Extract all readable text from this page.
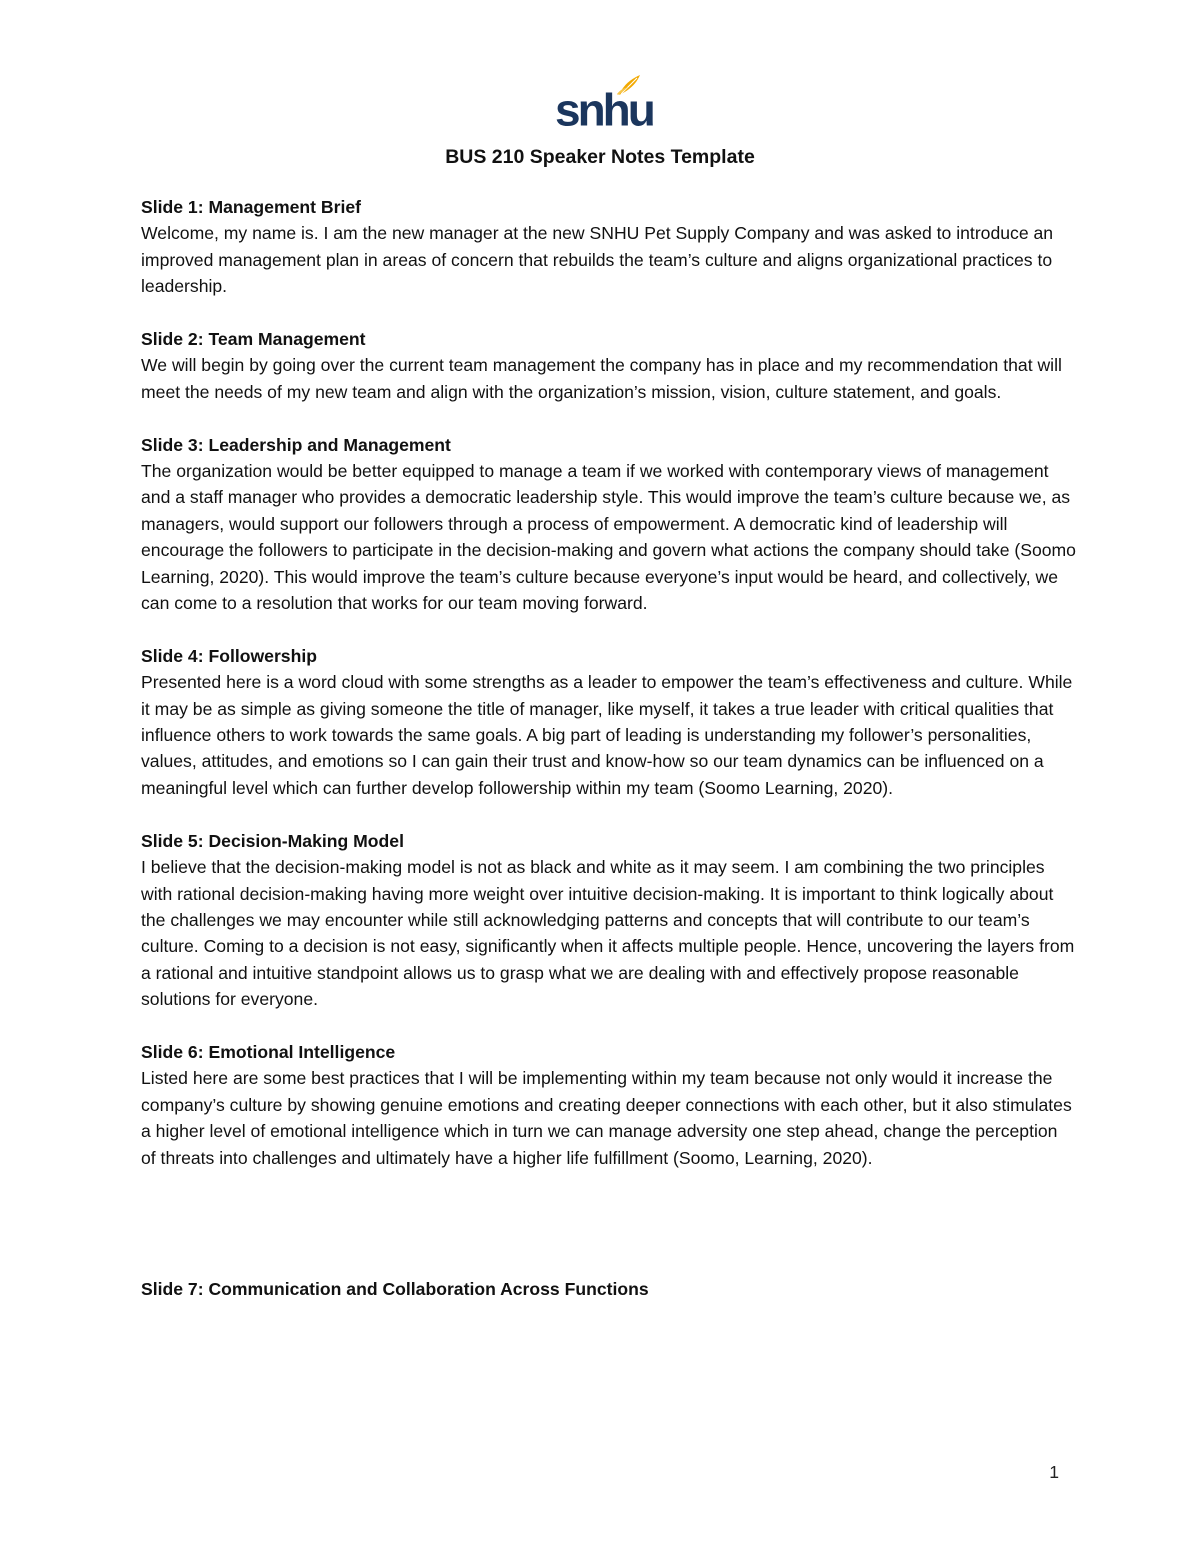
snhu
BUS 210 Speaker Notes Template
Slide 1: Management Brief

Welcome, my name is. I am the new manager at the new SNHU Pet Supply Company and was asked to introduce an improved management plan in areas of concern that rebuilds the team’s culture and aligns organizational practices to leadership.

Slide 2: Team Management

We will begin by going over the current team management the company has in place and my recommendation that will meet the needs of my new team and align with the organization’s mission, vision, culture statement, and goals.

Slide 3: Leadership and Management

The organization would be better equipped to manage a team if we worked with contemporary views of management and a staff manager who provides a democratic leadership style. This would improve the team’s culture because we, as managers, would support our followers through a process of empowerment. A democratic kind of leadership will encourage the followers to participate in the decision-making and govern what actions the company should take (Soomo Learning, 2020). This would improve the team’s culture because everyone’s input would be heard, and collectively, we can come to a resolution that works for our team moving forward.

Slide 4: Followership

Presented here is a word cloud with some strengths as a leader to empower the team’s effectiveness and culture. While it may be as simple as giving someone the title of manager, like myself, it takes a true leader with critical qualities that influence others to work towards the same goals. A big part of leading is understanding my follower’s personalities, values, attitudes, and emotions so I can gain their trust and know-how so our team dynamics can be influenced on a meaningful level which can further develop followership within my team (Soomo Learning, 2020).

Slide 5: Decision-Making Model

I believe that the decision-making model is not as black and white as it may seem. I am combining the two principles with rational decision-making having more weight over intuitive decision-making. It is important to think logically about the challenges we may encounter while still acknowledging patterns and concepts that will contribute to our team’s culture. Coming to a decision is not easy, significantly when it affects multiple people. Hence, uncovering the layers from a rational and intuitive standpoint allows us to grasp what we are dealing with and effectively propose reasonable solutions for everyone.

Slide 6: Emotional Intelligence

Listed here are some best practices that I will be implementing within my team because not only would it increase the company’s culture by showing genuine emotions and creating deeper connections with each other, but it also stimulates a higher level of emotional intelligence which in turn we can manage adversity one step ahead, change the perception of threats into challenges and ultimately have a higher life fulfillment (Soomo, Learning, 2020).

Slide 7: Communication and Collaboration Across Functions

1
